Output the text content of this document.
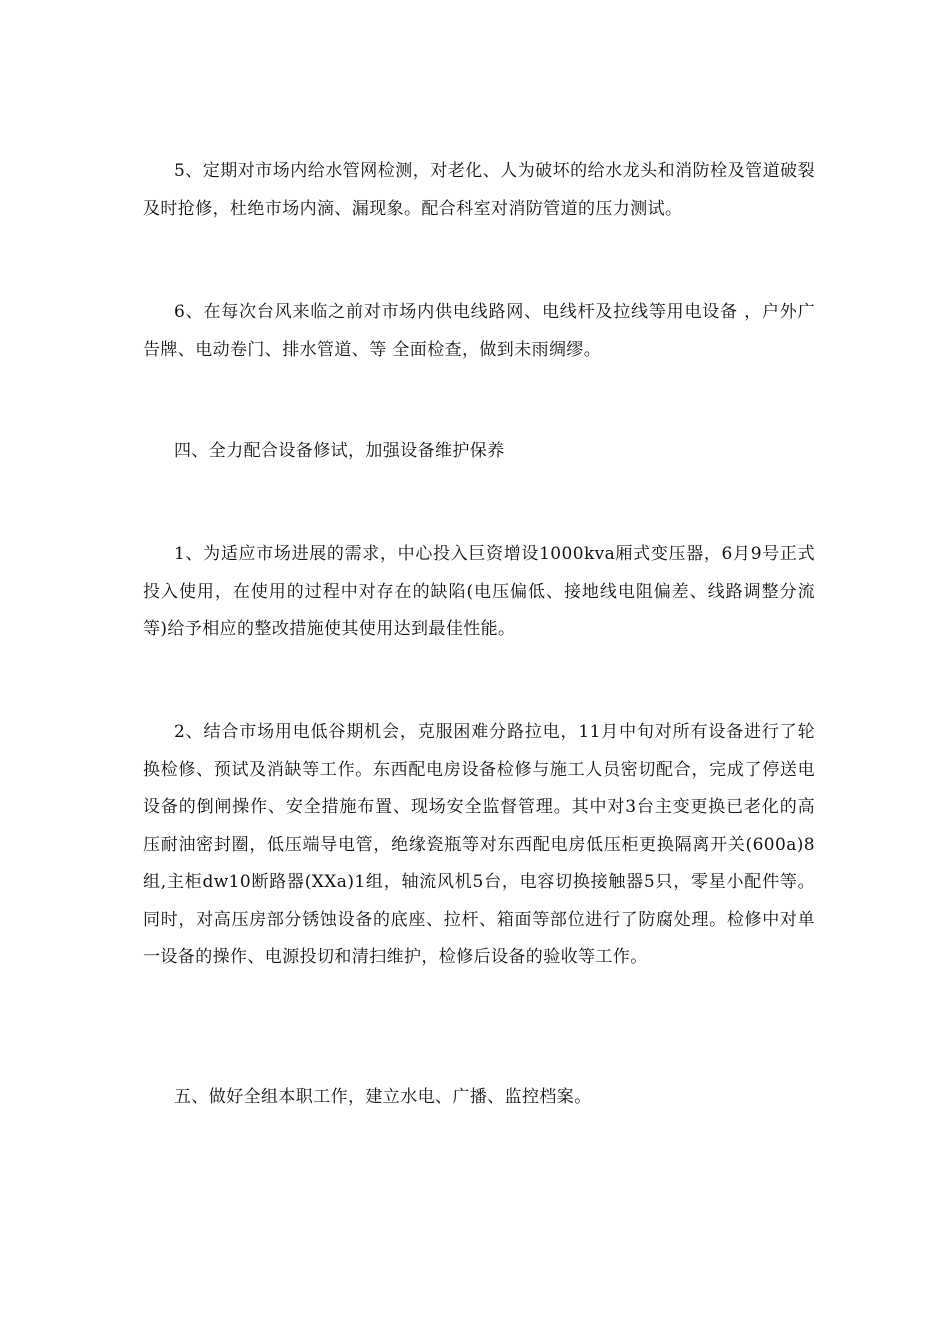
5、定期对市场内给水管网检测，对老化、人为破坏的给水龙头和消防栓及管道破裂及时抢修，杜绝市场内滴、漏现象。配合科室对消防管道的压力测试。

6、在每次台风来临之前对市场内供电线路网、电线杆及拉线等用电设备 ，户外广告牌、电动卷门、排水管道、等 全面检查，做到未雨绸缪。

四、全力配合设备修试，加强设备维护保养

1、为适应市场进展的需求，中心投入巨资增设1000kva厢式变压器，6月9号正式投入使用，在使用的过程中对存在的缺陷(电压偏低、接地线电阻偏差、线路调整分流等)给予相应的整改措施使其使用达到最佳性能。

2、结合市场用电低谷期机会，克服困难分路拉电，11月中旬对所有设备进行了轮换检修、预试及消缺等工作。东西配电房设备检修与施工人员密切配合，完成了停送电设备的倒闸操作、安全措施布置、现场安全监督管理。其中对3台主变更换已老化的高压耐油密封圈，低压端导电管，绝缘瓷瓶等对东西配电房低压柜更换隔离开关(600a)8组,主柜dw10断路器(XXa)1组，轴流风机5台，电容切换接触器5只，零星小配件等。同时，对高压房部分锈蚀设备的底座、拉杆、箱面等部位进行了防腐处理。检修中对单一设备的操作、电源投切和清扫维护，检修后设备的验收等工作。

五、做好全组本职工作，建立水电、广播、监控档案。
